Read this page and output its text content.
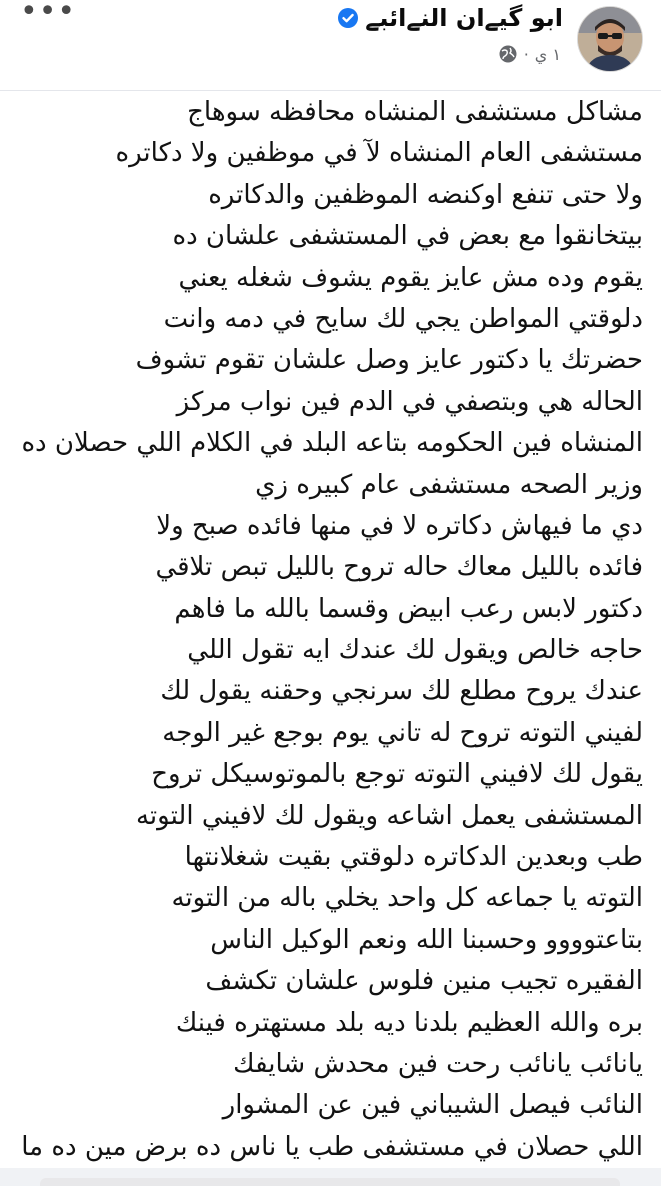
ابو گيےان النےائبے
١ ي
·
•••
مشاكل مستشفى المنشاه محافظه سوهاج
مستشفى العام المنشاه لآ في موظفين ولا دكاتره
ولا حتى تنفع اوكنضه الموظفين والدكاتره
بيتخانقوا مع بعض في المستشفى علشان ده
يقوم وده مش عايز يقوم يشوف شغله يعني
دلوقتي المواطن يجي لك سايح في دمه وانت
حضرتك يا دكتور عايز وصل علشان تقوم تشوف
الحاله هي وبتصفي في الدم فين نواب مركز
المنشاه فين الحكومه بتاعه البلد في الكلام اللي حصلان ده
وزير الصحه مستشفى عام كبيره زي
دي ما فيهاش دكاتره لا في منها فائده صبح ولا
فائده بالليل معاك حاله تروح بالليل تبص تلاقي
دكتور لابس رعب ابيض وقسما بالله ما فاهم
حاجه خالص ويقول لك عندك ايه تقول اللي
عندك يروح مطلع لك سرنجي وحقنه يقول لك
لفيني التوته تروح له تاني يوم بوجع غير الوجه
يقول لك لافيني التوته توجع بالموتوسيكل تروح
المستشفى يعمل اشاعه ويقول لك لافيني التوته
طب وبعدين الدكاتره دلوقتي بقيت شغلانتها
التوته يا جماعه كل واحد يخلي باله من التوته
بتاعتوووو وحسبنا الله ونعم الوكيل الناس
الفقيره تجيب منين فلوس علشان تكشف
بره والله العظيم بلدنا ديه بلد مستهتره فينك
يانائب يانائب رحت فين محدش شايفك
النائب فيصل الشيباني فين عن المشوار
اللي حصلان في مستشفى طب يا ناس ده برض مين ده ما
